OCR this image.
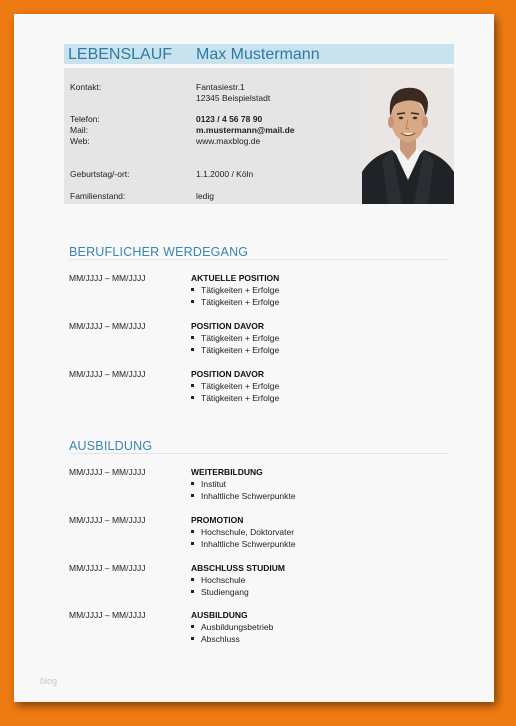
LEBENSLAUF Max Mustermann
Kontakt:	Fantasiestr.1
12345 Beispielstadt
Telefon:	0123 / 4 56 78 90
Mail:	m.mustermann@mail.de
Web:	www.maxblog.de
Geburtstag/-ort:	1.1.2000 / Köln
Familienstand:	ledig
BERUFLICHER WERDEGANG
MM/JJJJ – MM/JJJJ	AKTUELLE POSITION
Tätigkeiten + Erfolge
Tätigkeiten + Erfolge
MM/JJJJ – MM/JJJJ	POSITION DAVOR
Tätigkeiten + Erfolge
Tätigkeiten + Erfolge
MM/JJJJ – MM/JJJJ	POSITION DAVOR
Tätigkeiten + Erfolge
Tätigkeiten + Erfolge
AUSBILDUNG
MM/JJJJ – MM/JJJJ	WEITERBILDUNG
Institut
Inhaltliche Schwerpunkte
MM/JJJJ – MM/JJJJ	PROMOTION
Hochschule, Doktorvater
Inhaltliche Schwerpunkte
MM/JJJJ – MM/JJJJ	ABSCHLUSS STUDIUM
Hochschule
Studiengang
MM/JJJJ – MM/JJJJ	AUSBILDUNG
Ausbildungsbetrieb
Abschluss
blog
